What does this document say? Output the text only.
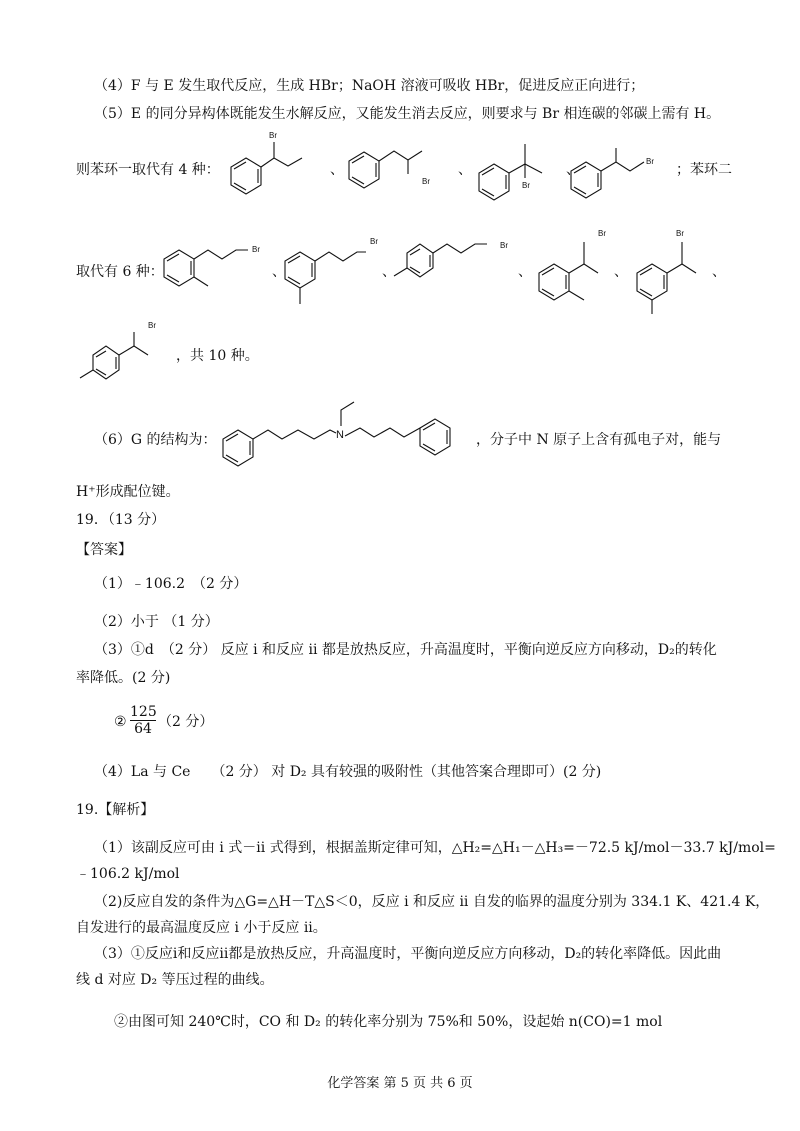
（4）F 与 E 发生取代反应，生成 HBr；NaOH 溶液可吸收 HBr，促进反应正向进行；
（5）E 的同分异构体既能发生水解反应，又能发生消去反应，则要求与 Br 相连碳的邻碳上需有 H。
则苯环一取代有 4 种：
Br
、
Br
、
Br
、
Br
；苯环二
取代有 6 种：
Br
、
Br
、
Br
、
Br
、
Br
、
Br
，共 10 种。
（6）G 的结构为：	N	，分子中 N 原子上含有孤电子对，能与
H⁺形成配位键。
19．（13 分）
【答案】
（1）﹣106.2　（2 分）
（2）小于 （1 分）
（3）①d　（2 分） 反应 i 和反应 ii 都是放热反应，升高温度时，平衡向逆反应方向移动，D₂的转化
率降低。(2 分)
② $\frac{125}{64} (2$ 分）
（4）La 与 Ce　　（2 分） 对 D₂ 具有较强的吸附性（其他答案合理即可）(2 分)
19.【解析】
（1）该副反应可由 i 式－ii 式得到，根据盖斯定律可知，△H₂=△H₁－△H₃=－72.5 kJ/mol－33.7 kJ/mol=
﹣106.2 kJ/mol
（2)反应自发的条件为△G=△H－T△S＜0，反应 i 和反应 ii 自发的临界的温度分别为 334.1 K、421.4 K，
自发进行的最高温度反应 i 小于反应 ii。
（3）①反应i和反应ii都是放热反应，升高温度时，平衡向逆反应方向移动，D₂的转化率降低。因此曲
线 d 对应 D₂ 等压过程的曲线。
②由图可知 240℃时，CO 和 D₂ 的转化率分别为 75%和 50%，设起始 n(CO)=1 mol
化学答案 第 5 页 共 6 页
